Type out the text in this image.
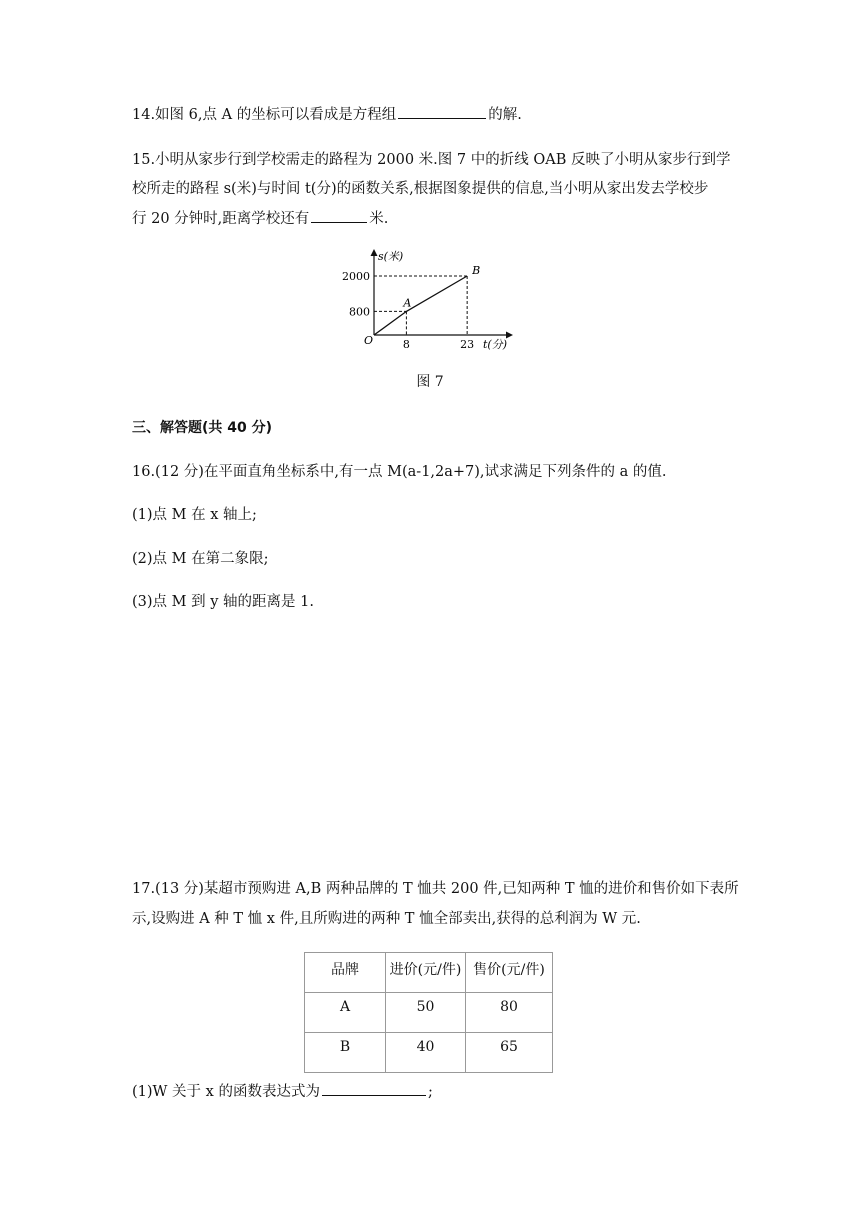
14.如图 6,点 A 的坐标可以看成是方程组	的解.
15.小明从家步行到学校需走的路程为 2000 米.图 7 中的折线 OAB 反映了小明从家步行到学
校所走的路程 s(米)与时间 t(分)的函数关系,根据图象提供的信息,当小明从家出发去学校步
行 20 分钟时,距离学校还有	米.
s(米)
t(分)
O
A
B
2000
800
8	23
图 7
三、解答题(共 40 分)
16.(12 分)在平面直角坐标系中,有一点 M(a-1,2a+7),试求满足下列条件的 a 的值.
(1)点 M 在 x 轴上;
(2)点 M 在第二象限;
(3)点 M 到 y 轴的距离是 1.
17.(13 分)某超市预购进 A,B 两种品牌的 T 恤共 200 件,已知两种 T 恤的进价和售价如下表所
示,设购进 A 种 T 恤 x 件,且所购进的两种 T 恤全部卖出,获得的总利润为 W 元.
品牌	进价(元/件)	售价(元/件)
A	50	80
B	40	65
(1)W 关于 x 的函数表达式为	;
